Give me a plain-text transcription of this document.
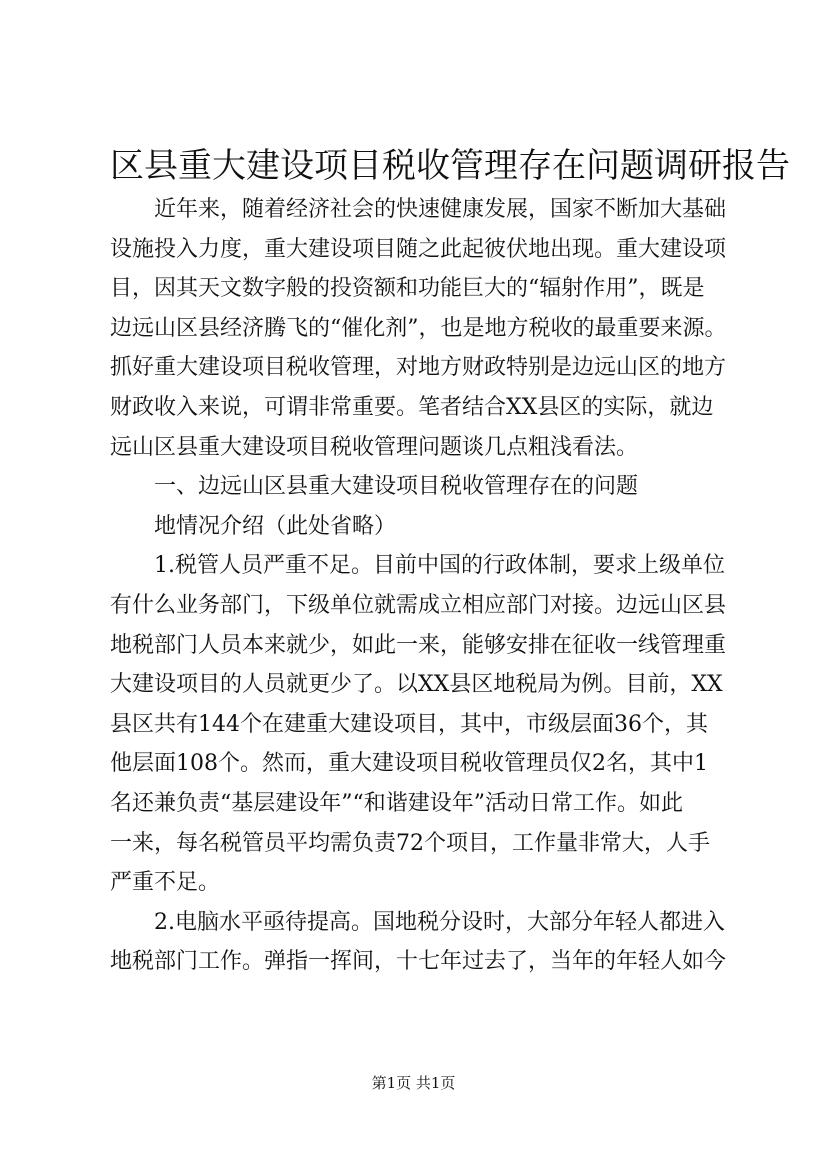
区县重大建设项目税收管理存在问题调研报告
近年来，随着经济社会的快速健康发展，国家不断加大基础
设施投入力度，重大建设项目随之此起彼伏地出现。重大建设项
目，因其天文数字般的投资额和功能巨大的“辐射作用”，既是
边远山区县经济腾飞的“催化剂”，也是地方税收的最重要来源。
抓好重大建设项目税收管理，对地方财政特别是边远山区的地方
财政收入来说，可谓非常重要。笔者结合XX县区的实际，就边
远山区县重大建设项目税收管理问题谈几点粗浅看法。
一、边远山区县重大建设项目税收管理存在的问题
地情况介绍（此处省略）
1.税管人员严重不足。目前中国的行政体制，要求上级单位
有什么业务部门，下级单位就需成立相应部门对接。边远山区县
地税部门人员本来就少，如此一来，能够安排在征收一线管理重
大建设项目的人员就更少了。以XX县区地税局为例。目前，XX
县区共有144个在建重大建设项目，其中，市级层面36个，其
他层面108个。然而，重大建设项目税收管理员仅2名，其中1
名还兼负责“基层建设年”“和谐建设年”活动日常工作。如此
一来，每名税管员平均需负责72个项目，工作量非常大，人手
严重不足。
2.电脑水平亟待提高。国地税分设时，大部分年轻人都进入
地税部门工作。弹指一挥间，十七年过去了，当年的年轻人如今
第1页 共1页
